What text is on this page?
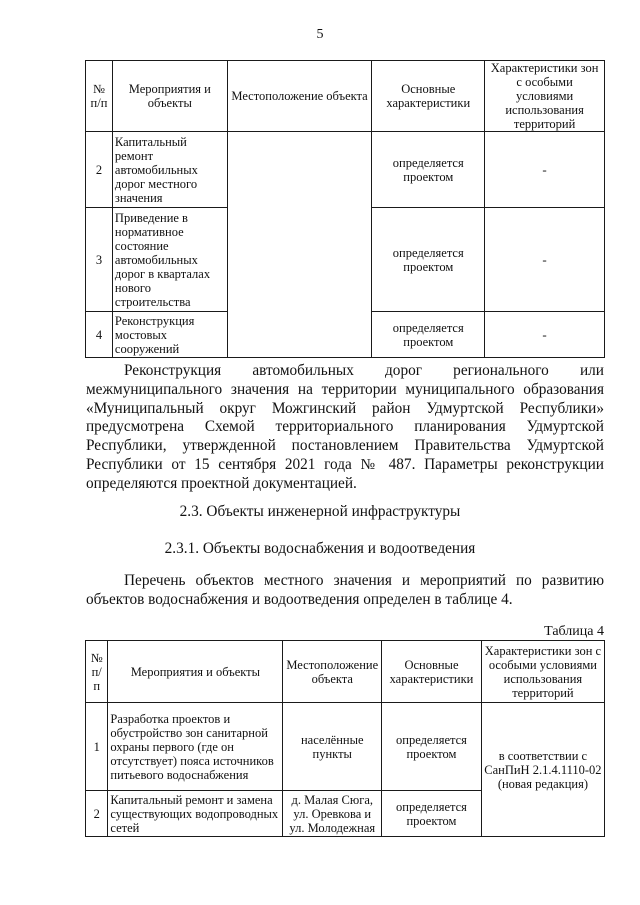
5
№ п/п	Мероприятия и объекты	Местоположение объекта	Основные характеристики	Характеристики зон с особыми условиями использования территорий
2	Капитальный ремонт автомобильных дорог местного значения		определяется проектом	-
3	Приведение в нормативное состояние автомобильных дорог в кварталах нового строительства		определяется проектом	-
4	Реконструкция мостовых сооружений		определяется проектом	-
Реконструкция автомобильных дорог регионального или межмуниципального значения на территории муниципального образования «Муниципальный округ Можгинский район Удмуртской Республики» предусмотрена Схемой территориального планирования Удмуртской Республики, утвержденной постановлением Правительства Удмуртской Республики от 15 сентября 2021 года № 487. Параметры реконструкции определяются проектной документацией.
2.3. Объекты инженерной инфраструктуры
2.3.1. Объекты водоснабжения и водоотведения
Перечень объектов местного значения и мероприятий по развитию объектов водоснабжения и водоотведения определен в таблице 4.
Таблица 4
№ п/ п	Мероприятия и объекты	Местоположение объекта	Основные характеристики	Характеристики зон с особыми условиями использования территорий
1	Разработка проектов и обустройство зон санитарной охраны первого (где он отсутствует) пояса источников питьевого водоснабжения	населённые пункты	определяется проектом	в соответствии с СанПиН 2.1.4.1110-02 (новая редакция)
2	Капитальный ремонт и замена существующих водопроводных сетей	д. Малая Сюга, ул. Оревкова и ул. Молодежная	определяется проектом	
